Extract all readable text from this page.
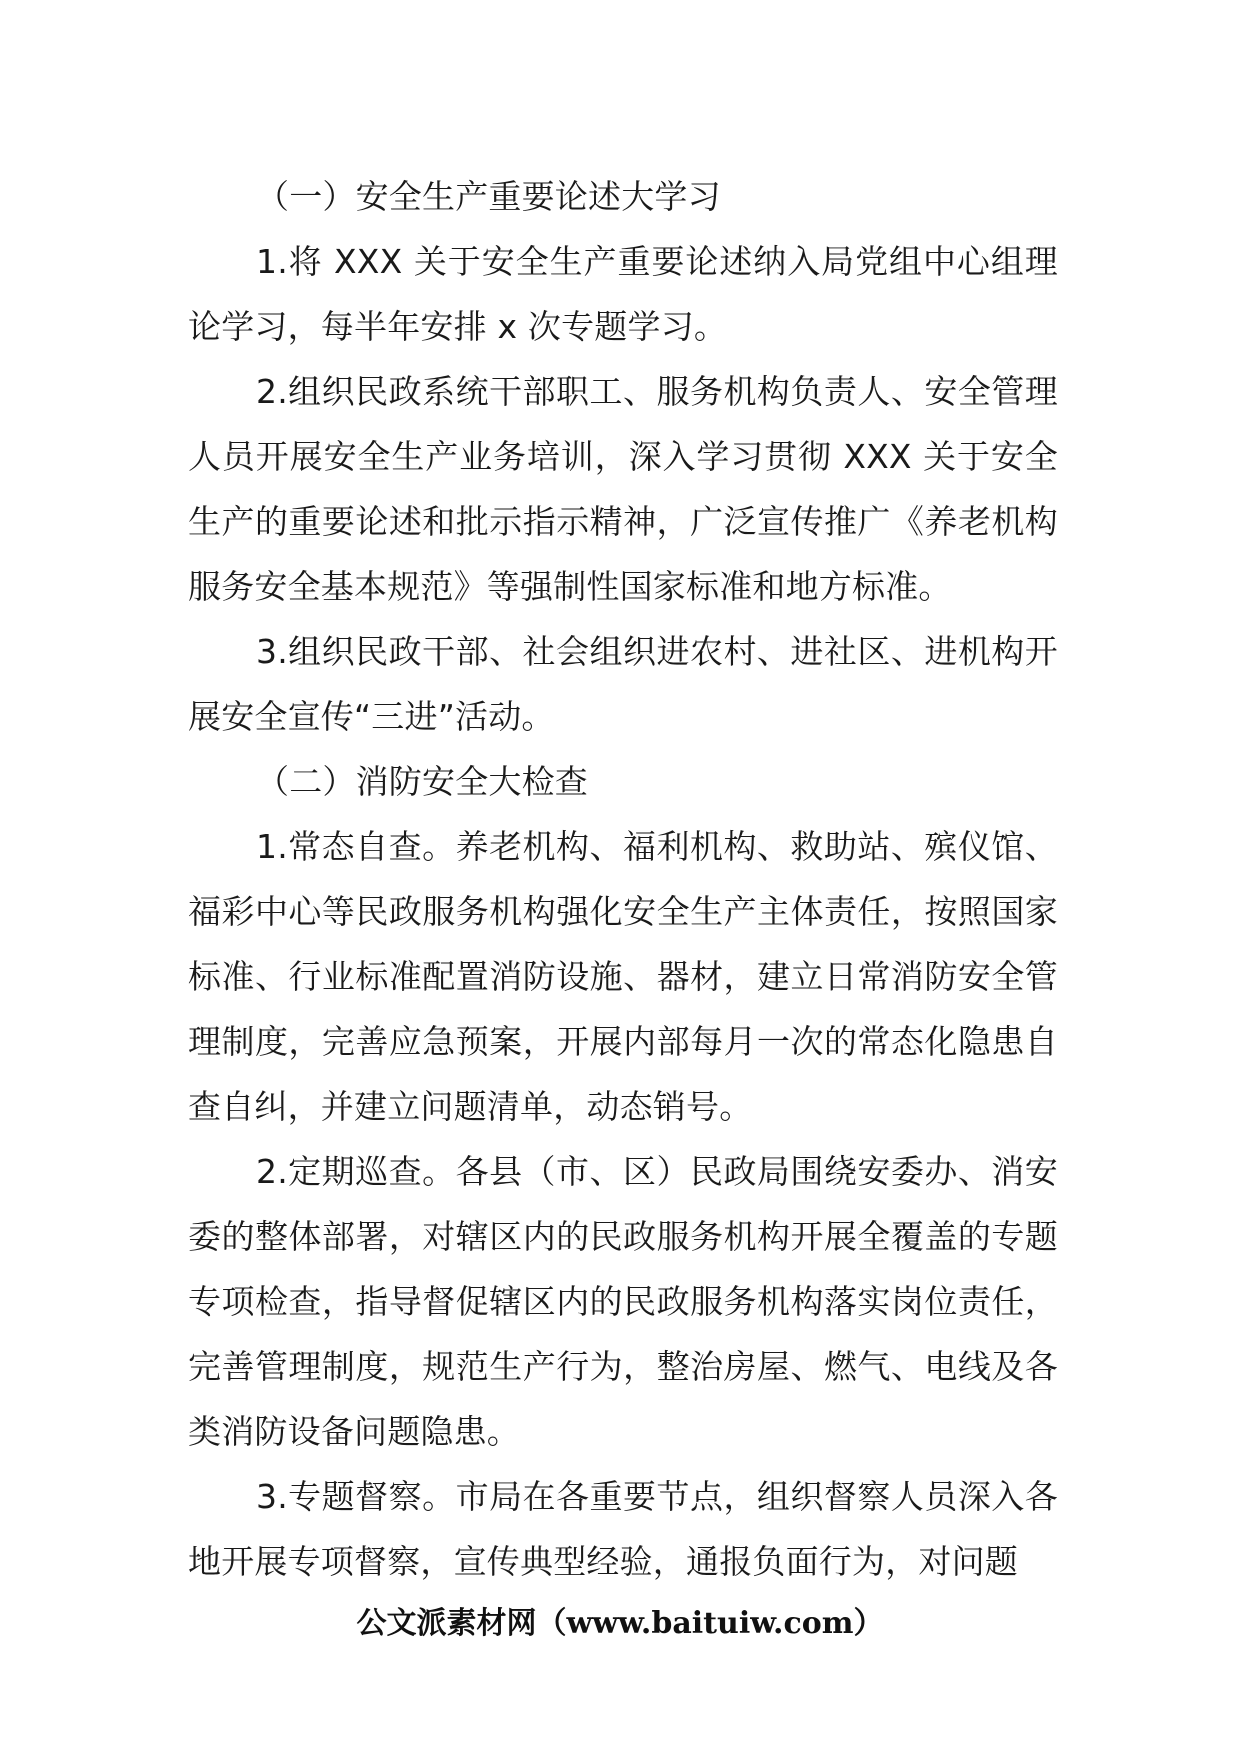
（一）安全生产重要论述大学习

1.将 XXX 关于安全生产重要论述纳入局党组中心组理论学习，每半年安排 x 次专题学习。

2.组织民政系统干部职工、服务机构负责人、安全管理人员开展安全生产业务培训，深入学习贯彻 XXX 关于安全生产的重要论述和批示指示精神，广泛宣传推广《养老机构服务安全基本规范》等强制性国家标准和地方标准。

3.组织民政干部、社会组织进农村、进社区、进机构开展安全宣传“三进”活动。

（二）消防安全大检查

1.常态自查。养老机构、福利机构、救助站、殡仪馆、福彩中心等民政服务机构强化安全生产主体责任，按照国家标准、行业标准配置消防设施、器材，建立日常消防安全管理制度，完善应急预案，开展内部每月一次的常态化隐患自查自纠，并建立问题清单，动态销号。

2.定期巡查。各县（市、区）民政局围绕安委办、消安委的整体部署，对辖区内的民政服务机构开展全覆盖的专题专项检查，指导督促辖区内的民政服务机构落实岗位责任，完善管理制度，规范生产行为，整治房屋、燃气、电线及各类消防设备问题隐患。

3.专题督察。市局在各重要节点，组织督察人员深入各地开展专项督察，宣传典型经验，通报负面行为，对问题

公文派素材网（www.baituiw.com）
